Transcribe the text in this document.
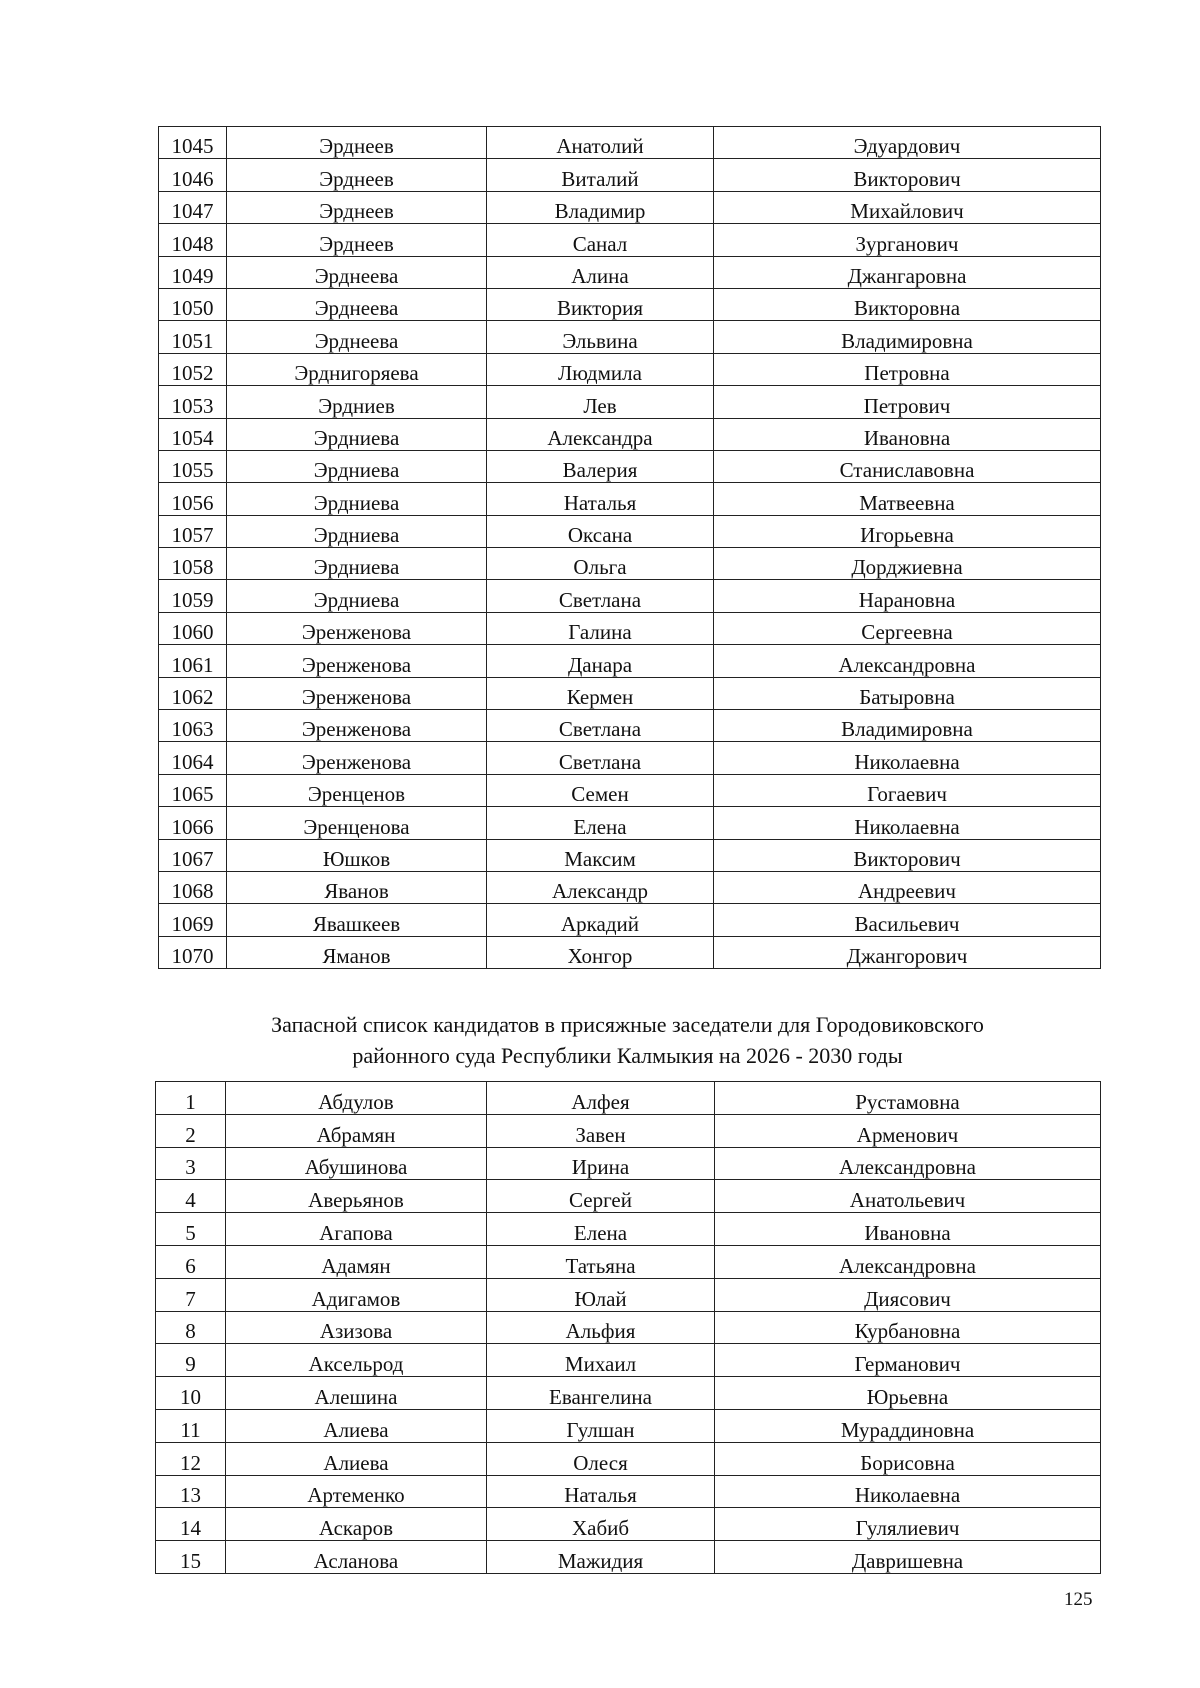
1045	Эрднеев	Анатолий	Эдуардович
1046	Эрднеев	Виталий	Викторович
1047	Эрднеев	Владимир	Михайлович
1048	Эрднеев	Санал	Зурганович
1049	Эрднеева	Алина	Джангаровна
1050	Эрднеева	Виктория	Викторовна
1051	Эрднеева	Эльвина	Владимировна
1052	Эрднигоряева	Людмила	Петровна
1053	Эрдниев	Лев	Петрович
1054	Эрдниева	Александра	Ивановна
1055	Эрдниева	Валерия	Станиславовна
1056	Эрдниева	Наталья	Матвеевна
1057	Эрдниева	Оксана	Игорьевна
1058	Эрдниева	Ольга	Дорджиевна
1059	Эрдниева	Светлана	Нарановна
1060	Эренженова	Галина	Сергеевна
1061	Эренженова	Данара	Александровна
1062	Эренженова	Кермен	Батыровна
1063	Эренженова	Светлана	Владимировна
1064	Эренженова	Светлана	Николаевна
1065	Эренценов	Семен	Гогаевич
1066	Эренценова	Елена	Николаевна
1067	Юшков	Максим	Викторович
1068	Яванов	Александр	Андреевич
1069	Явашкеев	Аркадий	Васильевич
1070	Яманов	Хонгор	Джангорович
Запасной список кандидатов в присяжные заседатели для Городовиковского
районного суда Республики Калмыкия на 2026 - 2030 годы
1	Абдулов	Алфея	Рустамовна
2	Абрамян	Завен	Арменович
3	Абушинова	Ирина	Александровна
4	Аверьянов	Сергей	Анатольевич
5	Агапова	Елена	Ивановна
6	Адамян	Татьяна	Александровна
7	Адигамов	Юлай	Диясович
8	Азизова	Альфия	Курбановна
9	Аксельрод	Михаил	Германович
10	Алешина	Евангелина	Юрьевна
11	Алиева	Гулшан	Мураддиновна
12	Алиева	Олеся	Борисовна
13	Артеменко	Наталья	Николаевна
14	Аскаров	Хабиб	Гулялиевич
15	Асланова	Мажидия	Давришевна
125
